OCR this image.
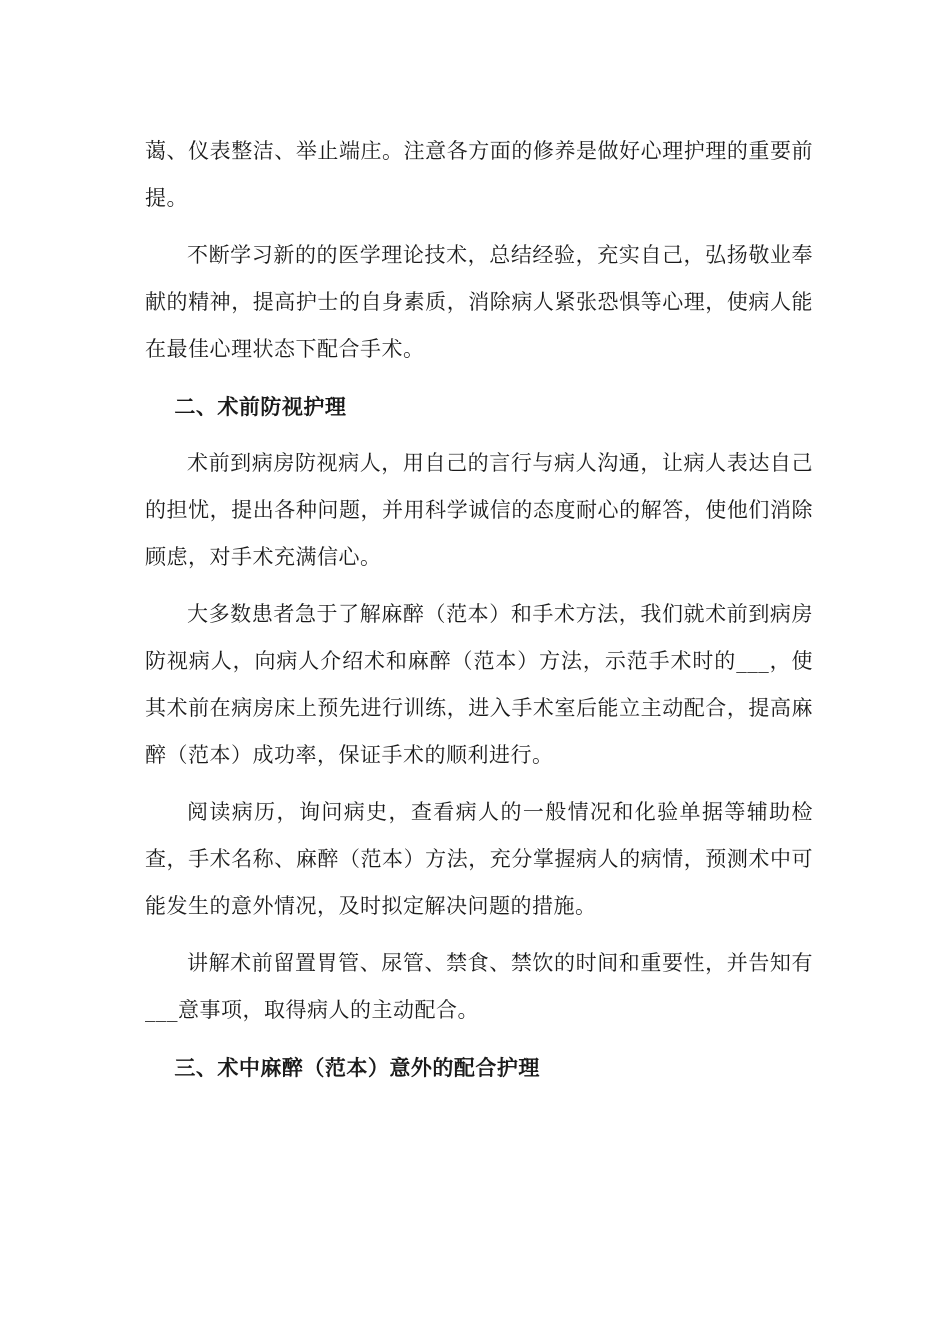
蔼、仪表整洁、举止端庄。注意各方面的修养是做好心理护理的重要前提。

不断学习新的的医学理论技术，总结经验，充实自己，弘扬敬业奉献的精神，提高护士的自身素质，消除病人紧张恐惧等心理，使病人能在最佳心理状态下配合手术。

二、术前防视护理

术前到病房防视病人，用自己的言行与病人沟通，让病人表达自己的担忧，提出各种问题，并用科学诚信的态度耐心的解答，使他们消除顾虑，对手术充满信心。

大多数患者急于了解麻醉（范本）和手术方法，我们就术前到病房防视病人，向病人介绍术和麻醉（范本）方法，示范手术时的___，使其术前在病房床上预先进行训练，进入手术室后能立主动配合，提高麻醉（范本）成功率，保证手术的顺利进行。

阅读病历，询问病史，查看病人的一般情况和化验单据等辅助检查，手术名称、麻醉（范本）方法，充分掌握病人的病情，预测术中可能发生的意外情况，及时拟定解决问题的措施。

讲解术前留置胃管、尿管、禁食、禁饮的时间和重要性，并告知有___意事项，取得病人的主动配合。

三、术中麻醉（范本）意外的配合护理
